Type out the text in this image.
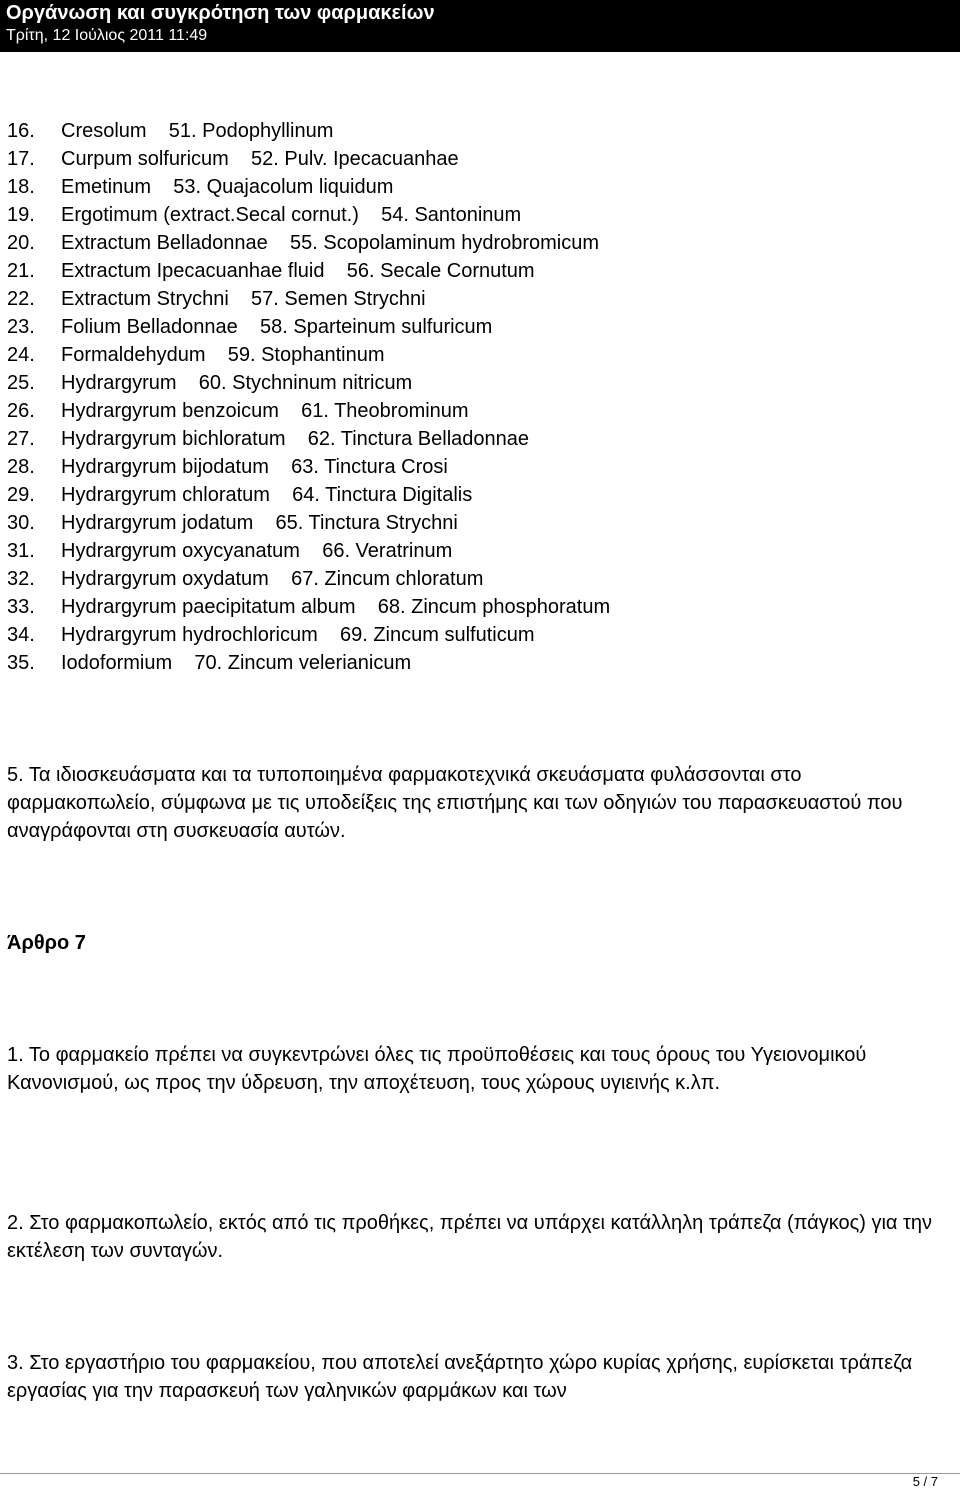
Οργάνωση και συγκρότηση των φαρμακείων
Τρίτη, 12 Ιούλιος 2011 11:49
16. Cresolum    51. Podophyllinum
17. Curpum solfuricum    52. Pulv. Ipecacuanhae
18. Emetinum    53. Quajacolum liquidum
19. Ergotimum (extract.Secal cornut.)    54. Santoninum
20. Extractum Belladonnae    55. Scopolaminum hydrobromicum
21. Extractum Ipecacuanhae fluid    56. Secale Cornutum
22. Extractum Strychni    57. Semen Strychni
23. Folium Belladonnae    58. Sparteinum sulfuricum
24. Formaldehydum    59. Stophantinum
25. Hydrargyrum    60. Stychninum nitricum
26. Hydrargyrum benzoicum    61. Theobrominum
27. Hydrargyrum bichloratum    62. Tinctura Belladonnae
28. Hydrargyrum bijodatum    63. Tinctura Crosi
29. Hydrargyrum chloratum    64. Tinctura Digitalis
30. Hydrargyrum jodatum    65. Tinctura Strychni
31. Hydrargyrum oxycyanatum    66. Veratrinum
32. Hydrargyrum oxydatum    67. Zincum chloratum
33. Hydrargyrum paecipitatum album    68. Zincum phosphoratum
34. Hydrargyrum hydrochloricum    69. Zincum sulfuticum
35. Iodoformium    70. Zincum velerianicum

5. Τα ιδιοσκευάσματα και τα τυποποιημένα φαρμακοτεχνικά σκευάσματα φυλάσσονται στο φαρμακοπωλείο, σύμφωνα με τις υποδείξεις της επιστήμης και των οδηγιών του παρασκευαστού που αναγράφονται στη συσκευασία αυτών.

Άρθρο 7

1. Το φαρμακείο πρέπει να συγκεντρώνει όλες τις προϋποθέσεις και τους όρους του Υγειονομικού Κανονισμού, ως προς την ύδρευση, την αποχέτευση, τους χώρους υγιεινής κ.λπ.

2. Στο φαρμακοπωλείο, εκτός από τις προθήκες, πρέπει να υπάρχει κατάλληλη τράπεζα (πάγκος) για την εκτέλεση των συνταγών.

3. Στο εργαστήριο του φαρμακείου, που αποτελεί ανεξάρτητο χώρο κυρίας χρήσης, ευρίσκεται τράπεζα εργασίας για την παρασκευή των γαληνικών φαρμάκων και των

5 / 7
